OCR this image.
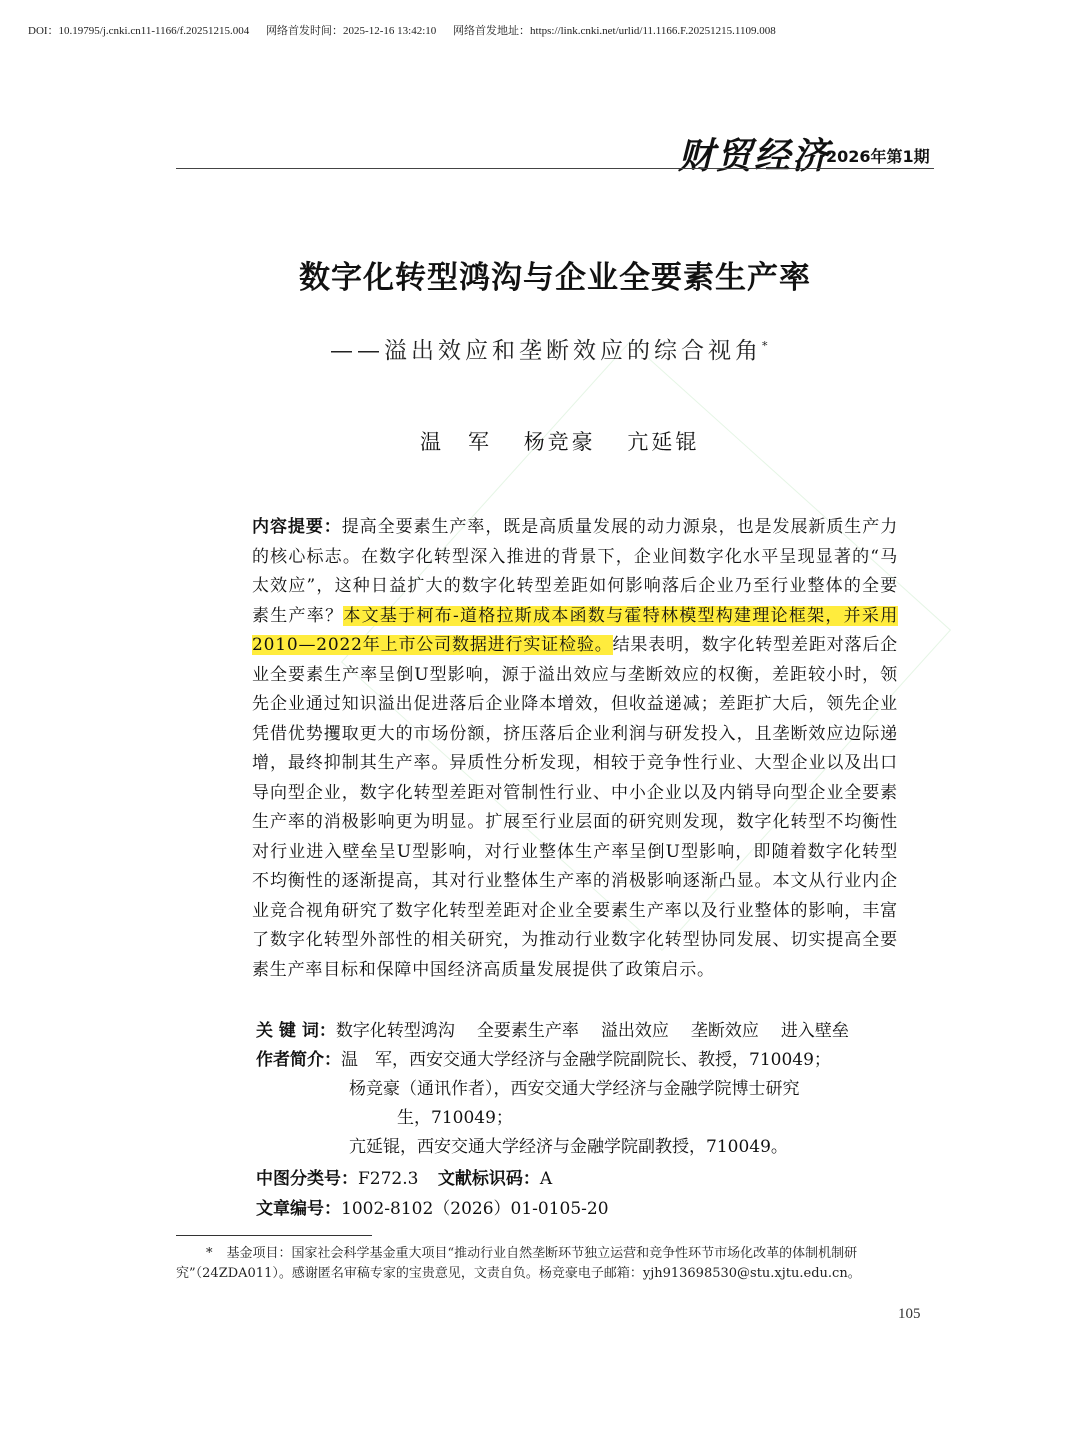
DOI：10.19795/j.cnki.cn11-1166/f.20251215.004 网络首发时间：2025-12-16 13:42:10 网络首发地址：https://link.cnki.net/urlid/11.1166.F.20251215.1109.008
财贸经济
2026年第1期
数字化转型鸿沟与企业全要素生产率
——溢出效应和垄断效应的综合视角*
温　军 杨竞豪 亢延锟
内容提要：提高全要素生产率，既是高质量发展的动力源泉，也是发展新质生产力的核心标志。在数字化转型深入推进的背景下，企业间数字化水平呈现显著的“马太效应”，这种日益扩大的数字化转型差距如何影响落后企业乃至行业整体的全要素生产率？本文基于柯布-道格拉斯成本函数与霍特林模型构建理论框架，并采用2010—2022年上市公司数据进行实证检验。结果表明，数字化转型差距对落后企业全要素生产率呈倒U型影响，源于溢出效应与垄断效应的权衡，差距较小时，领先企业通过知识溢出促进落后企业降本增效，但收益递减；差距扩大后，领先企业凭借优势攫取更大的市场份额，挤压落后企业利润与研发投入，且垄断效应边际递增，最终抑制其生产率。异质性分析发现，相较于竞争性行业、大型企业以及出口导向型企业，数字化转型差距对管制性行业、中小企业以及内销导向型企业全要素生产率的消极影响更为明显。扩展至行业层面的研究则发现，数字化转型不均衡性对行业进入壁垒呈U型影响，对行业整体生产率呈倒U型影响，即随着数字化转型不均衡性的逐渐提高，其对行业整体生产率的消极影响逐渐凸显。本文从行业内企业竞合视角研究了数字化转型差距对企业全要素生产率以及行业整体的影响，丰富了数字化转型外部性的相关研究，为推动行业数字化转型协同发展、切实提高全要素生产率目标和保障中国经济高质量发展提供了政策启示。
关 键 词：数字化转型鸿沟 全要素生产率 溢出效应 垄断效应 进入壁垒
作者简介：温　军，西安交通大学经济与金融学院副院长、教授，710049；
杨竞豪（通讯作者），西安交通大学经济与金融学院博士研究
生，710049；
亢延锟，西安交通大学经济与金融学院副教授，710049。
中图分类号：F272.3 文献标识码：A
文章编号：1002-8102（2026）01-0105-20
* 基金项目：国家社会科学基金重大项目“推动行业自然垄断环节独立运营和竞争性环节市场化改革的体制机制研究”（24ZDA011）。感谢匿名审稿专家的宝贵意见，文责自负。杨竞豪电子邮箱：yjh913698530@stu.xjtu.edu.cn。
105
